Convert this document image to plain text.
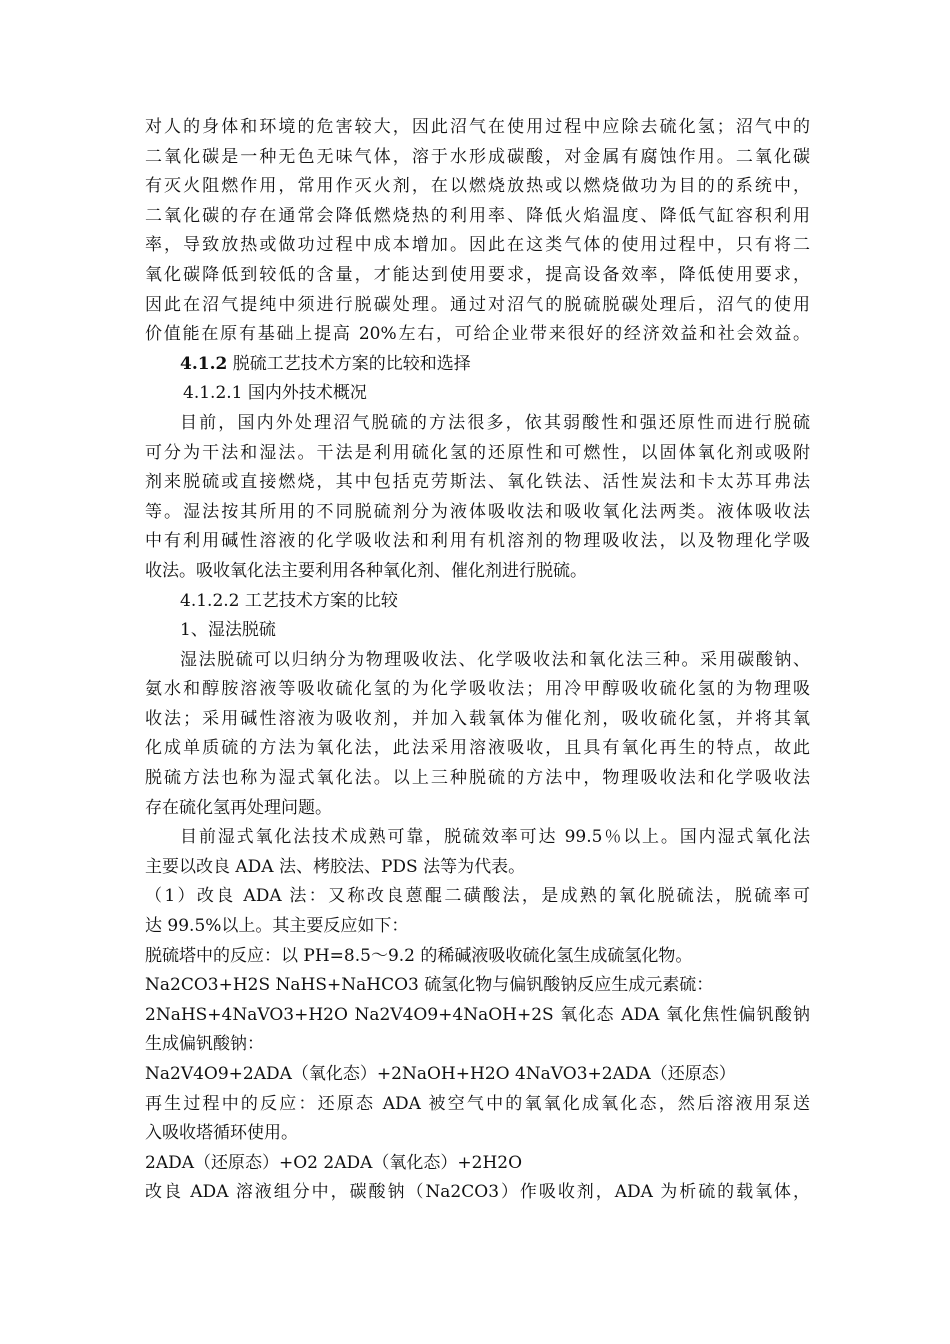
对人的身体和环境的危害较大，因此沼气在使用过程中应除去硫化氢；沼气中的
二氧化碳是一种无色无味气体，溶于水形成碳酸，对金属有腐蚀作用。二氧化碳
有灭火阻燃作用，常用作灭火剂，在以燃烧放热或以燃烧做功为目的的系统中，
二氧化碳的存在通常会降低燃烧热的利用率、降低火焰温度、降低气缸容积利用
率，导致放热或做功过程中成本增加。因此在这类气体的使用过程中，只有将二
氧化碳降低到较低的含量，才能达到使用要求，提高设备效率，降低使用要求，
因此在沼气提纯中须进行脱碳处理。通过对沼气的脱硫脱碳处理后，沼气的使用
价值能在原有基础上提高 20%左右，可给企业带来很好的经济效益和社会效益。
4.1.2 脱硫工艺技术方案的比较和选择
4.1.2.1 国内外技术概况
目前，国内外处理沼气脱硫的方法很多，依其弱酸性和强还原性而进行脱硫
可分为干法和湿法。干法是利用硫化氢的还原性和可燃性，以固体氧化剂或吸附
剂来脱硫或直接燃烧，其中包括克劳斯法、氧化铁法、活性炭法和卡太苏耳弗法
等。湿法按其所用的不同脱硫剂分为液体吸收法和吸收氧化法两类。液体吸收法
中有利用碱性溶液的化学吸收法和利用有机溶剂的物理吸收法，以及物理化学吸
收法。吸收氧化法主要利用各种氧化剂、催化剂进行脱硫。
4.1.2.2 工艺技术方案的比较
1、湿法脱硫
湿法脱硫可以归纳分为物理吸收法、化学吸收法和氧化法三种。采用碳酸钠、
氨水和醇胺溶液等吸收硫化氢的为化学吸收法；用冷甲醇吸收硫化氢的为物理吸
收法；采用碱性溶液为吸收剂，并加入载氧体为催化剂，吸收硫化氢，并将其氧
化成单质硫的方法为氧化法，此法采用溶液吸收，且具有氧化再生的特点，故此
脱硫方法也称为湿式氧化法。以上三种脱硫的方法中，物理吸收法和化学吸收法
存在硫化氢再处理问题。
目前湿式氧化法技术成熟可靠，脱硫效率可达 99.5％以上。国内湿式氧化法
主要以改良 ADA 法、栲胶法、PDS 法等为代表。
（1）改良 ADA 法：又称改良蒽醌二磺酸法，是成熟的氧化脱硫法，脱硫率可
达 99.5%以上。其主要反应如下：
脱硫塔中的反应：以 PH=8.5～9.2 的稀碱液吸收硫化氢生成硫氢化物。
Na2CO3+H2S NaHS+NaHCO3 硫氢化物与偏钒酸钠反应生成元素硫：
2NaHS+4NaVO3+H2O Na2V4O9+4NaOH+2S 氧化态 ADA 氧化焦性偏钒酸钠
生成偏钒酸钠：
Na2V4O9+2ADA（氧化态）+2NaOH+H2O 4NaVO3+2ADA（还原态）
再生过程中的反应：还原态 ADA 被空气中的氧氧化成氧化态，然后溶液用泵送
入吸收塔循环使用。
2ADA（还原态）+O2 2ADA（氧化态）+2H2O
改良 ADA 溶液组分中，碳酸钠（Na2CO3）作吸收剂，ADA 为析硫的载氧体，
